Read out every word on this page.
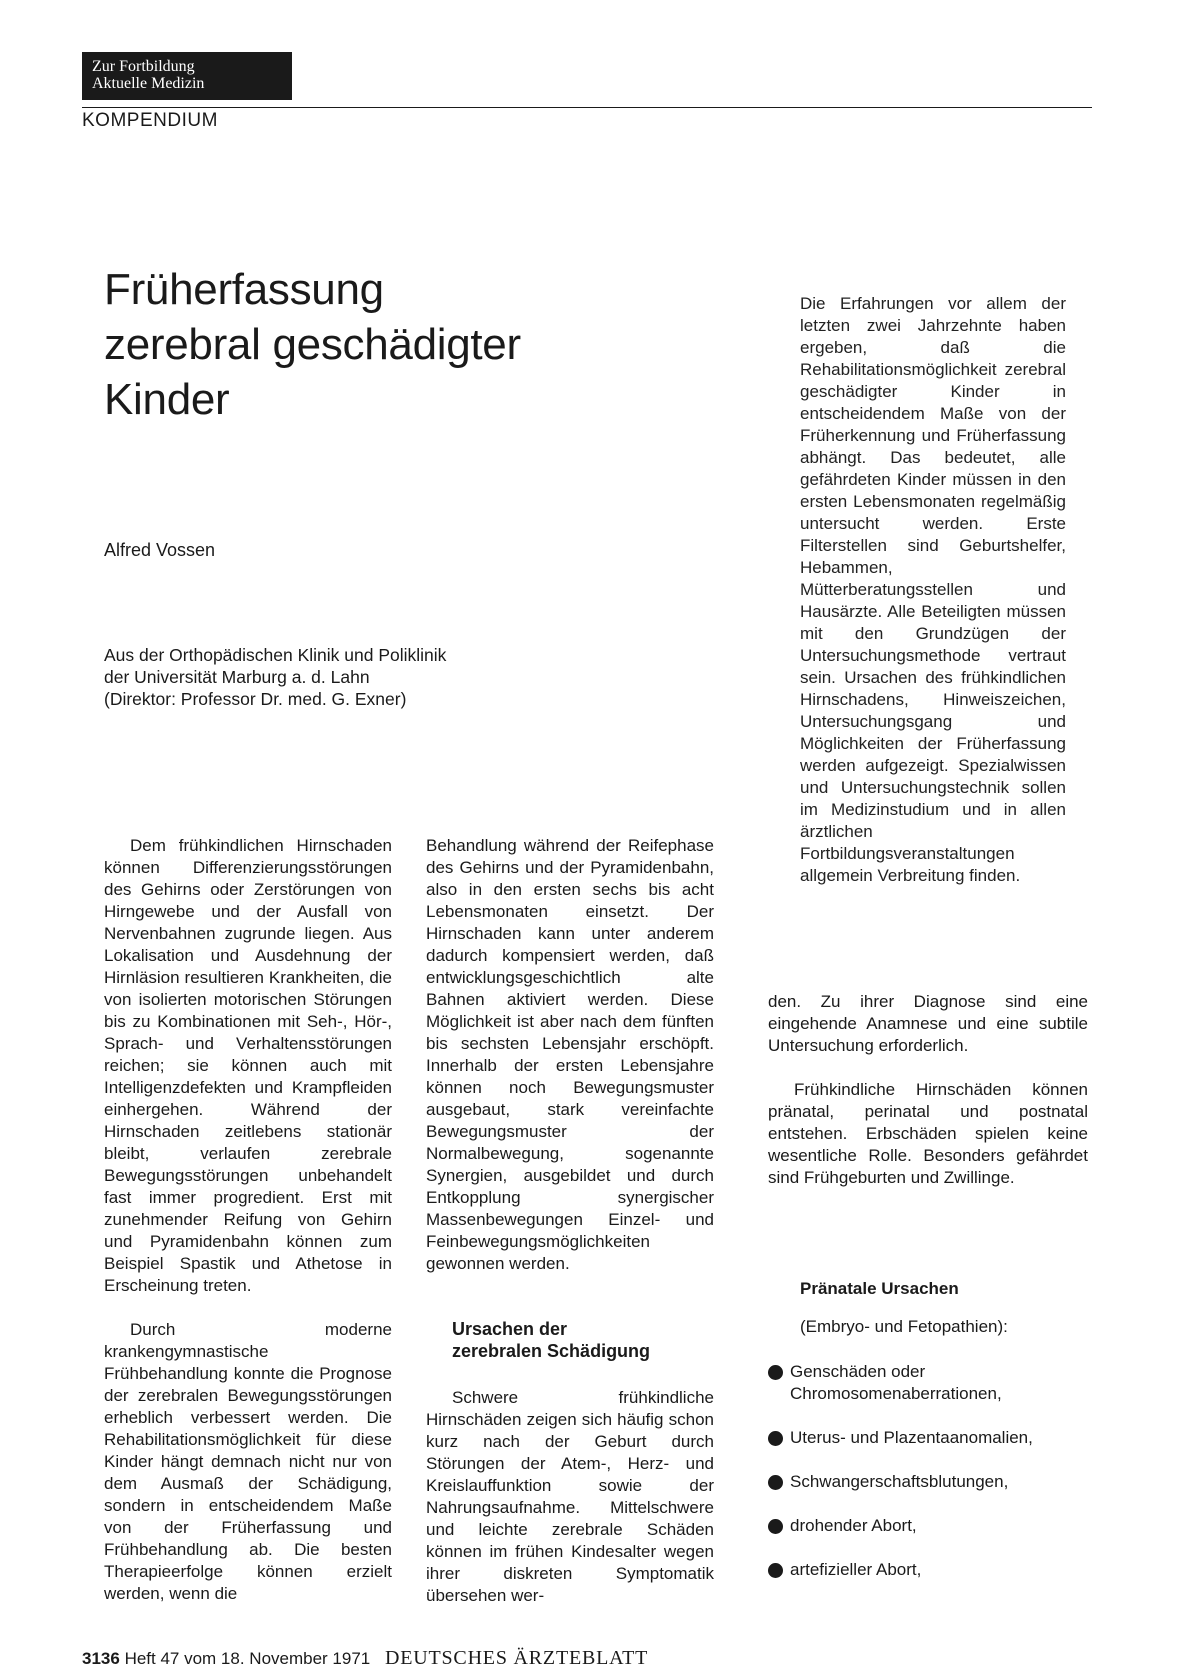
Zur Fortbildung
Aktuelle Medizin
KOMPENDIUM
Früherfassung
zerebral geschädigter
Kinder
Alfred Vossen
Aus der Orthopädischen Klinik und Poliklinik
der Universität Marburg a. d. Lahn
(Direktor: Professor Dr. med. G. Exner)

Die Erfahrungen vor allem der letzten zwei Jahrzehnte haben ergeben, daß die Rehabilitationsmöglichkeit zerebral geschädigter Kinder in entscheidendem Maße von der Früherkennung und Früherfassung abhängt. Das bedeutet, alle gefährdeten Kinder müssen in den ersten Lebensmonaten regelmäßig untersucht werden. Erste Filterstellen sind Geburtshelfer, Hebammen, Mütterberatungsstellen und Hausärzte. Alle Beteiligten müssen mit den Grundzügen der Untersuchungsmethode vertraut sein. Ursachen des frühkindlichen Hirnschadens, Hinweiszeichen, Untersuchungsgang und Möglichkeiten der Früherfassung werden aufgezeigt. Spezialwissen und Untersuchungstechnik sollen im Medizinstudium und in allen ärztlichen Fortbildungsveranstaltungen allgemein Verbreitung finden.

Dem frühkindlichen Hirnschaden können Differenzierungsstörungen des Gehirns oder Zerstörungen von Hirngewebe und der Ausfall von Nervenbahnen zugrunde liegen. Aus Lokalisation und Ausdehnung der Hirnläsion resultieren Krankheiten, die von isolierten motorischen Störungen bis zu Kombinationen mit Seh-, Hör-, Sprach- und Verhaltensstörungen reichen; sie können auch mit Intelligenzdefekten und Krampfleiden einhergehen. Während der Hirnschaden zeitlebens stationär bleibt, verlaufen zerebrale Bewegungsstörungen unbehandelt fast immer progredient. Erst mit zunehmender Reifung von Gehirn und Pyramidenbahn können zum Beispiel Spastik und Athetose in Erscheinung treten.

Durch moderne krankengymnastische Frühbehandlung konnte die Prognose der zerebralen Bewegungsstörungen erheblich verbessert werden. Die Rehabilitationsmöglichkeit für diese Kinder hängt demnach nicht nur von dem Ausmaß der Schädigung, sondern in entscheidendem Maße von der Früherfassung und Frühbehandlung ab. Die besten Therapieerfolge können erzielt werden, wenn die

Behandlung während der Reifephase des Gehirns und der Pyramidenbahn, also in den ersten sechs bis acht Lebensmonaten einsetzt. Der Hirnschaden kann unter anderem dadurch kompensiert werden, daß entwicklungsgeschichtlich alte Bahnen aktiviert werden. Diese Möglichkeit ist aber nach dem fünften bis sechsten Lebensjahr erschöpft. Innerhalb der ersten Lebensjahre können noch Bewegungsmuster ausgebaut, stark vereinfachte Bewegungsmuster der Normalbewegung, sogenannte Synergien, ausgebildet und durch Entkopplung synergischer Massenbewegungen Einzel- und Feinbewegungsmöglichkeiten gewonnen werden.

Ursachen der
zerebralen Schädigung

Schwere frühkindliche Hirnschäden zeigen sich häufig schon kurz nach der Geburt durch Störungen der Atem-, Herz- und Kreislauffunktion sowie der Nahrungsaufnahme. Mittelschwere und leichte zerebrale Schäden können im frühen Kindesalter wegen ihrer diskreten Symptomatik übersehen wer-

den. Zu ihrer Diagnose sind eine eingehende Anamnese und eine subtile Untersuchung erforderlich.

Frühkindliche Hirnschäden können pränatal, perinatal und postnatal entstehen. Erbschäden spielen keine wesentliche Rolle. Besonders gefährdet sind Frühgeburten und Zwillinge.

Pränatale Ursachen
(Embryo- und Fetopathien):
Genschäden oder Chromosomenaberrationen,
Uterus- und Plazentaanomalien,
Schwangerschaftsblutungen,
drohender Abort,
artefizieller Abort,
3136 Heft 47 vom 18. November 1971 DEUTSCHES ÄRZTEBLATT
